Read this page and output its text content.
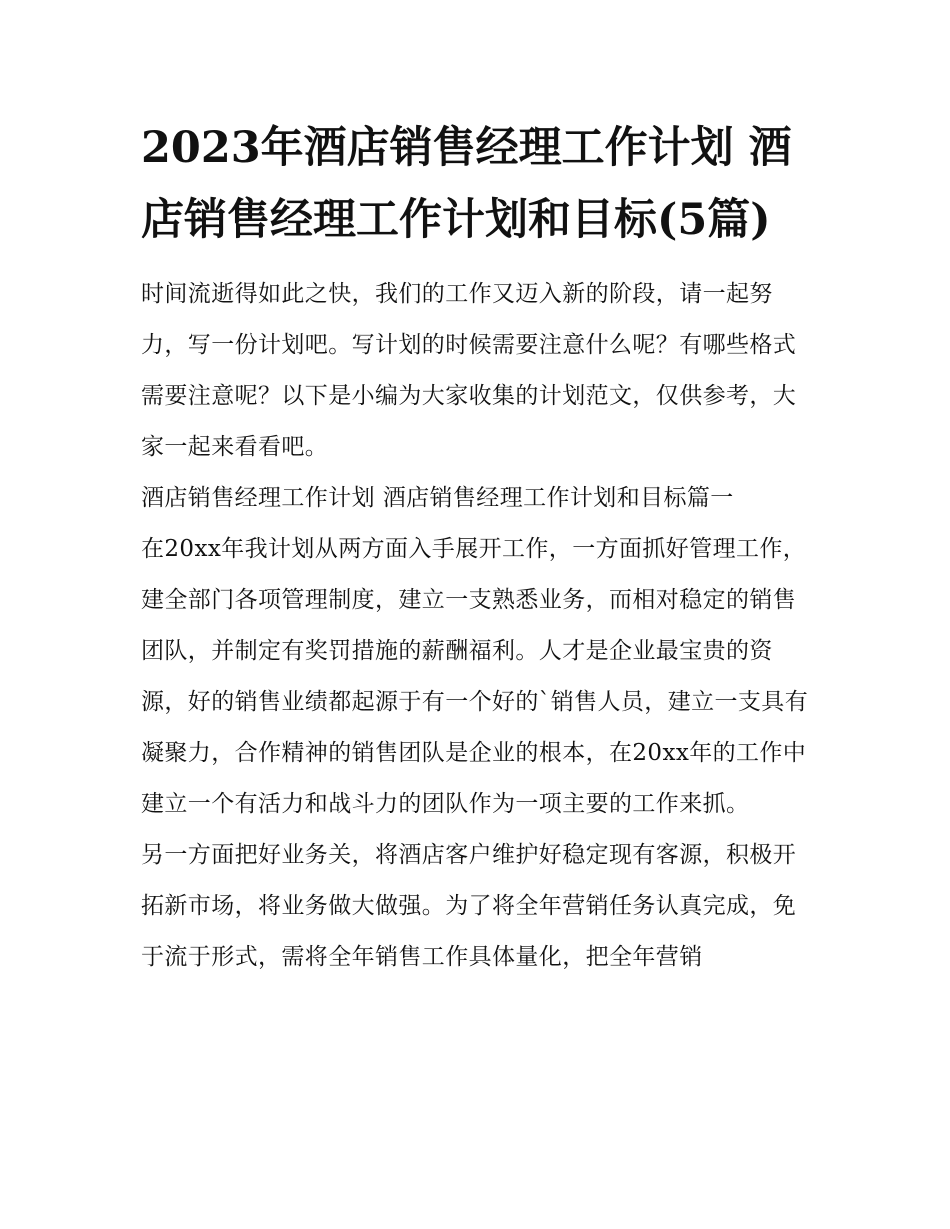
2023年酒店销售经理工作计划 酒店销售经理工作计划和目标(5篇)

时间流逝得如此之快，我们的工作又迈入新的阶段，请一起努力，写一份计划吧。写计划的时候需要注意什么呢？有哪些格式需要注意呢？以下是小编为大家收集的计划范文，仅供参考，大家一起来看看吧。

酒店销售经理工作计划 酒店销售经理工作计划和目标篇一

在20xx年我计划从两方面入手展开工作，一方面抓好管理工作，建全部门各项管理制度，建立一支熟悉业务，而相对稳定的销售团队，并制定有奖罚措施的薪酬福利。人才是企业最宝贵的资源，好的销售业绩都起源于有一个好的`销售人员，建立一支具有凝聚力，合作精神的销售团队是企业的根本，在20xx年的工作中建立一个有活力和战斗力的团队作为一项主要的工作来抓。

另一方面把好业务关，将酒店客户维护好稳定现有客源，积极开拓新市场，将业务做大做强。为了将全年营销任务认真完成，免于流于形式，需将全年销售工作具体量化，把全年营销
